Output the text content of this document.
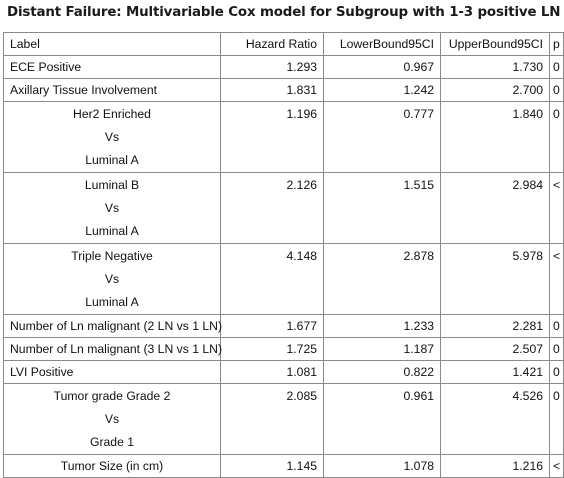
Distant Failure: Multivariable Cox model for Subgroup with 1-3 positive LN
Label	Hazard Ratio	LowerBound95CI	UpperBound95CI	p
ECE Positive	1.293	0.967	1.730	0
Axillary Tissue Involvement	1.831	1.242	2.700	0

Her2 Enriched
Vs
Luminal A	1.196	0.777	1.840	0

Luminal B
Vs
Luminal A	2.126	1.515	2.984	<

Triple Negative
Vs
Luminal A	4.148	2.878	5.978	<
Number of Ln malignant (2 LN vs 1 LN)	1.677	1.233	2.281	0
Number of Ln malignant (3 LN vs 1 LN)	1.725	1.187	2.507	0
LVI Positive	1.081	0.822	1.421	0

Tumor grade Grade 2
Vs
Grade 1	2.085	0.961	4.526	0
Tumor Size (in cm)	1.145	1.078	1.216	<
